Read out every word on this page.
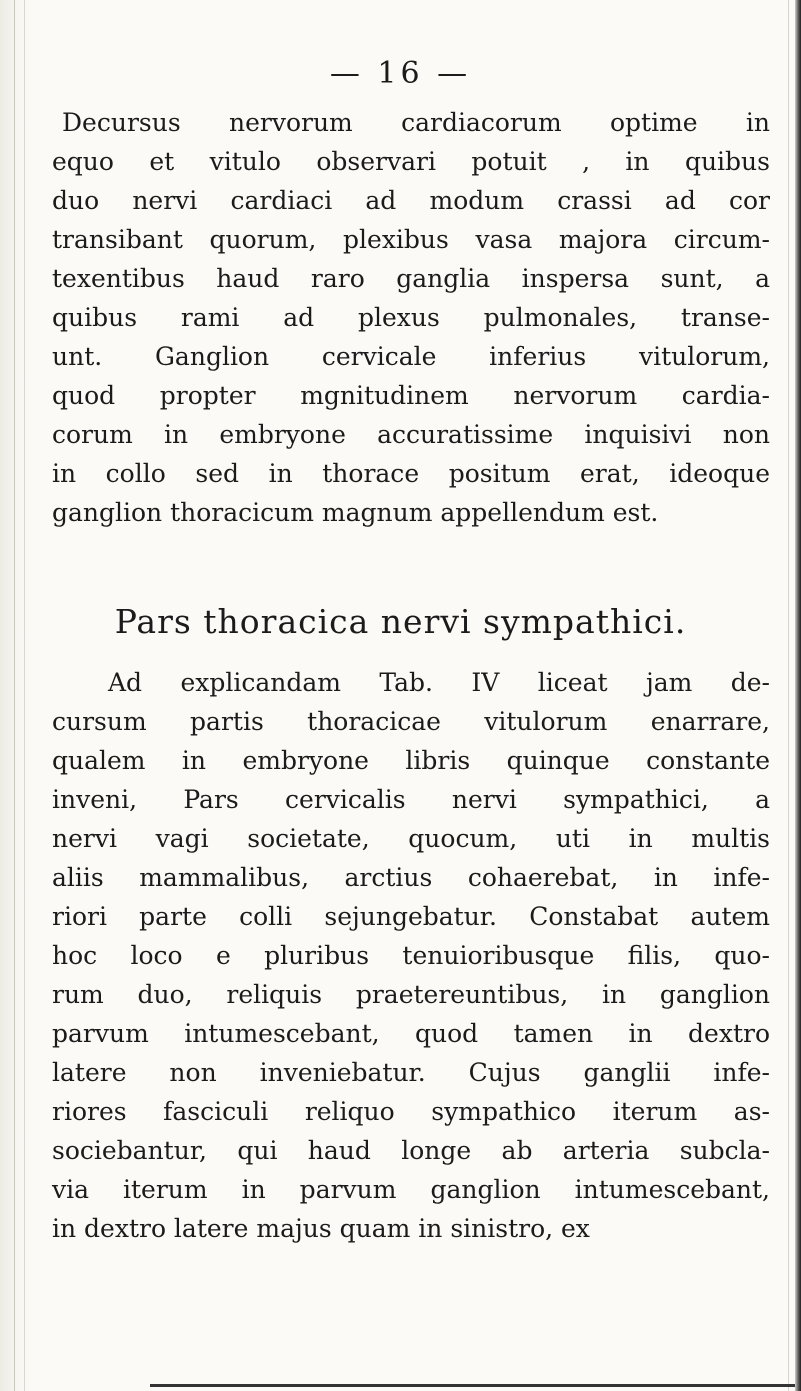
— 16 —
Decursus nervorum cardiacorum optime in
equo et vitulo observari potuit , in quibus
duo nervi cardiaci ad modum crassi ad cor
transibant quorum, plexibus vasa majora circum-
texentibus haud raro ganglia inspersa sunt, a
quibus rami ad plexus pulmonales, transe-
unt. Ganglion cervicale inferius vitulorum,
quod propter mgnitudinem nervorum cardia-
corum in embryone accuratissime inquisivi non
in collo sed in thorace positum erat, ideoque
ganglion thoracicum magnum appellendum est.
Pars thoracica nervi sympathici.
Ad explicandam Tab. IV liceat jam de-
cursum partis thoracicae vitulorum enarrare,
qualem in embryone libris quinque constante
inveni, Pars cervicalis nervi sympathici, a
nervi vagi societate, quocum, uti in multis
aliis mammalibus, arctius cohaerebat, in infe-
riori parte colli sejungebatur. Constabat autem
hoc loco e pluribus tenuioribusque filis, quo-
rum duo, reliquis praetereuntibus, in ganglion
parvum intumescebant, quod tamen in dextro
latere non inveniebatur. Cujus ganglii infe-
riores fasciculi reliquo sympathico iterum as-
sociebantur, qui haud longe ab arteria subcla-
via iterum in parvum ganglion intumescebant,
in dextro latere majus quam in sinistro, ex
